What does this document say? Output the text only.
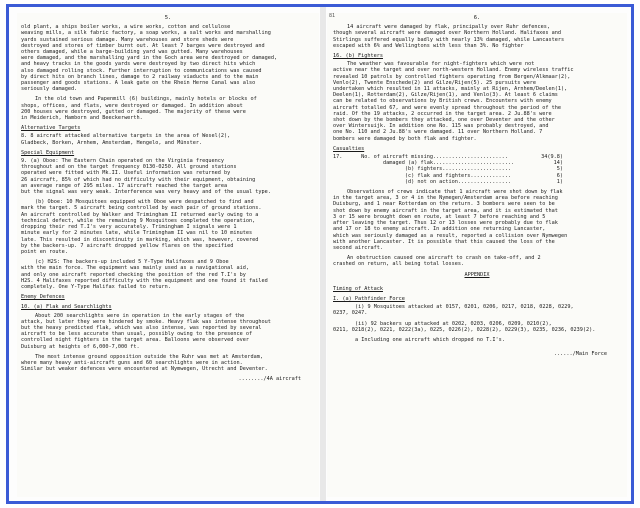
5.
old plant, a ships boiler works, a wire works, cotton and cellulose
weaving mills, a silk fabric factory, a soap works, a salt works and marshalling
yards sustained serious damage. Many warehouses and store sheds were
destroyed and stores of timber burnt out. At least 7 barges were destroyed and
others damaged, while a barge-building yard was gutted. Many warehouses
were damaged, and the marshalling yard in the Goch area were destroyed or damaged,
and heavy tracks in the goods yards were destroyed by two direct hits which
also damaged rolling stock. Further interruption to communications was caused
by direct hits on branch lines, damage to 2 railway viaducts and to the main
passenger and goods stations. A leak gate on the Rhein Herne Canal was also
seriously damaged.
In the old town and Papenmill (6) buildings, mainly hotels or blocks of
shops, offices, and flats, were destroyed or damaged. In addition about
200 houses were destroyed, gutted or damaged. The majority of these were
in Meiderich, Hamborn and Beeckerwerth.
Alternative Targets
8. 8 aircraft attacked alternative targets in the area of Wesel(2),
Gladbeck, Borken, Arnhem, Amsterdam, Hengelo, and Münster.
Special Equipment
9. (a) Oboe: The Eastern Chain operated on the Virginia frequency
throughout and on the target frequency 0130-0250. All ground stations
operated were fitted with Mk.II. Useful information was returned by
26 aircraft, 85% of which had no difficulty with their equipment, obtaining
an average range of 295 miles. 17 aircraft reached the target area
but the signal was very weak. Interference was very heavy and of the usual type.
(b) Oboe: 10 Mosquitoes equipped with Oboe were despatched to find and
mark the target. 5 aircraft being controlled by each pair of ground stations.
An aircraft controlled by Walker and Trimingham II returned early owing to a
technical defect, while the remaining 9 Mosquitoes completed the operation,
dropping their red T.I's very accurately. Trimingham I signals were 1
minute early for 2 minutes late, while Trimingham II was nil to 10 minutes
late. This resulted in discontinuity in marking, which was, however, covered
by the backers-up. 7 aircraft dropped yellow flares on the specified
point en route.
(c) H2S: The backers-up included 5 Y-Type Halifaxes and 9 Oboe
with the main force. The equipment was mainly used as a navigational aid,
and only one aircraft reported checking the position of the red T.I's by
H2S. 4 Halifaxes reported difficulty with the equipment and one found it failed
completely. One Y-Type Halifax failed to return.
Enemy Defences
10. (a) Flak and Searchlights
About 200 searchlights were in operation in the early stages of the
attack, but later they were hindered by smoke. Heavy flak was intense throughout
but the heavy predicted flak, which was also intense, was reported by several
aircraft to be less accurate than usual, possibly owing to the presence of
controlled night fighters in the target area. Balloons were observed over
Duisburg at heights of 6,000-7,000 ft.
The most intense ground opposition outside the Ruhr was met at Amsterdam,
where many heavy anti-aircraft guns and 60 searchlights were in action.
Similar but weaker defences were encountered at Nymwegen, Utrecht and Deventer.
......../4A aircraft
81	6.
14 aircraft were damaged by flak, principally over Ruhr defences,
though several aircraft were damaged over Northern Holland. Halifaxes and
Stirlings suffered equally badly with nearly 13% damaged, while Lancasters
escaped with 6% and Wellingtons with less than 3%. No fighter
16. (b) Fighters
The weather was favourable for night-fighters which were not
active near the target and over north-western Holland. Enemy wireless traffic
revealed 10 patrols by controlled fighters operating from Bergen/Alkmaar(2),
Venlo(2), Twente Enschede(2) and Gilze/Rijen(5). 25 pursuits were
undertaken which resulted in 11 attacks, mainly at Rijen, Arnhem/Deelen(1),
Deelen(1), Rotterdam(2), Gilze/Rijen(1), and Venlo(3). At least 6 claims
can be related to observations by British crews. Encounters with enemy
aircraft totalled 67, and were evenly spread throughout the period of the
raid. Of the 19 attacks, 2 occurred in the target area. 2 Ju.88's were
shot down by the bombers they attacked, one over Deventer and the other
over Wintersuijk. In addition one No. 115 was probably destroyed, and
one No. 110 and 2 Ju.88's were damaged. 11 over Northern Holland. 7
bombers were damaged by both flak and fighter.
Casualties
17.      No. of aircraft missing........................	34(9.8)
damaged (a) flak..........................	14)
(b) fighters......................	5)
(c) flak and fighters.............	6)
(d) not on action.................	1)
Observations of crews indicate that 1 aircraft were shot down by flak
in the target area, 3 or 4 in the Nymegen/Amsterdam area before reaching
Duisburg, and 1 near Rotterdam on the return. 3 bombers were seen to be
shot down by enemy aircraft in the target area, and it is estimated that
3 or 15 were brought down en route, at least 7 before reaching and 5
after leaving the target. Thus 12 or 13 losses were probably due to flak
and 17 or 18 to enemy aircraft. In addition one returning Lancaster,
which was seriously damaged as a result, reported a collision over Nymwegen
with another Lancaster. It is possible that this caused the loss of the
second aircraft.
An obstruction caused one aircraft to crash on take-off, and 2
crashed on return, all being total losses.
APPENDIX
Timing of Attack
I. (a) Pathfinder Force
(i) 9 Mosquitoes attacked at 0157, 0201, 0206, 0217, 0218, 0228, 0229,
0237, 0247.
(ii) 92 backers up attacked at 0202, 0203, 0206, 0209, 0210(2),
0211, 0218(2), 0221, 0222(3a), 0225, 0226(2), 0228(2), 0229(3), 0235, 0236, 0239(2).
a Including one aircraft which dropped no T.I's.
....../Main Force
